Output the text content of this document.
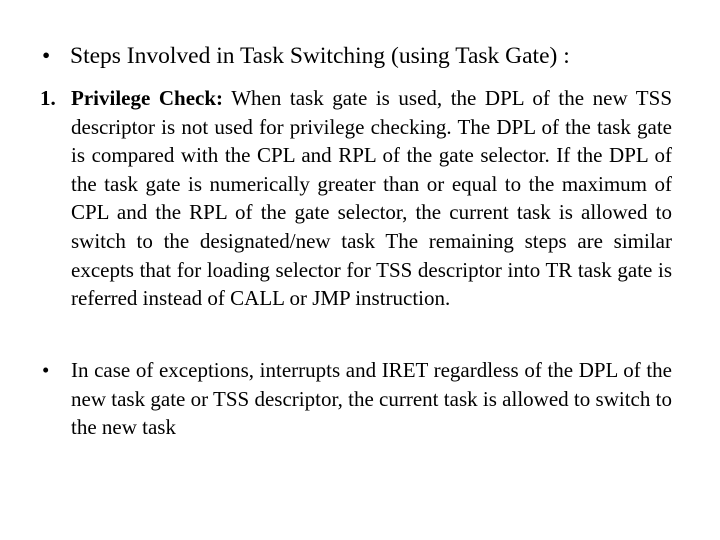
• Steps Involved in Task Switching (using Task Gate) :
1. Privilege Check: When task gate is used, the DPL of the new TSS descriptor is not used for privilege checking. The DPL of the task gate is compared with the CPL and RPL of the gate selector. If the DPL of the task gate is numerically greater than or equal to the maximum of CPL and the RPL of the gate selector, the current task is allowed to switch to the designated/new task The remaining steps are similar excepts that for loading selector for TSS descriptor into TR task gate is referred instead of CALL or JMP instruction.
• In case of exceptions, interrupts and IRET regardless of the DPL of the new task gate or TSS descriptor, the current task is allowed to switch to the new task
